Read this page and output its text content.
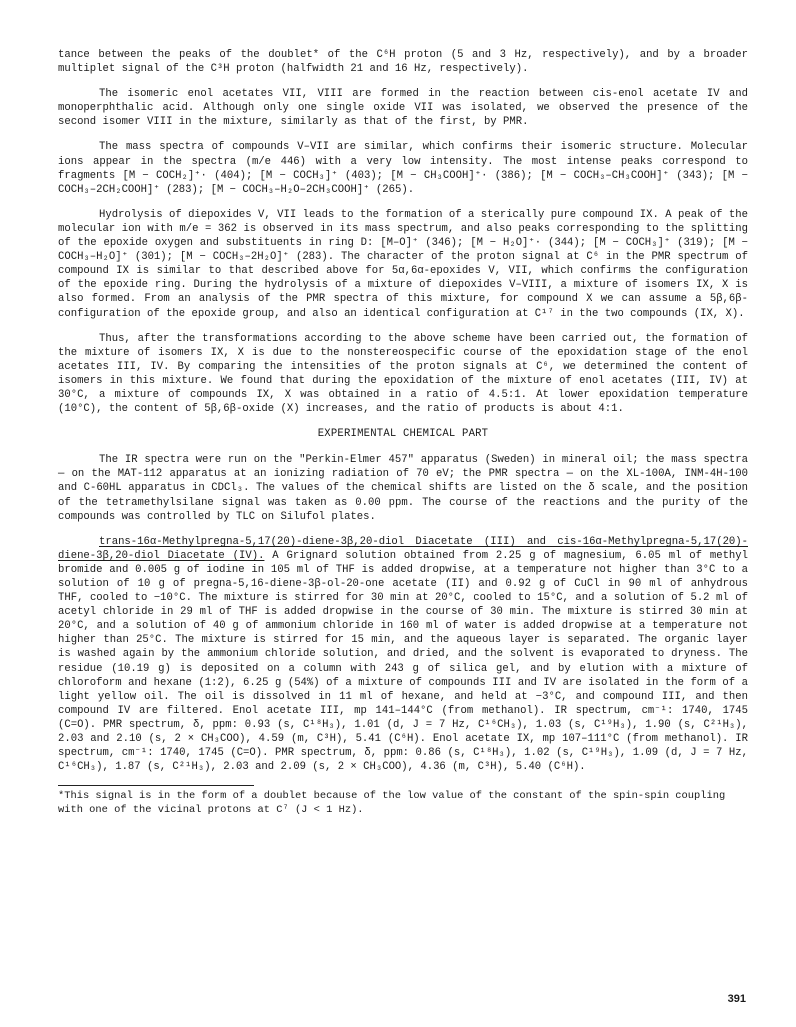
tance between the peaks of the doublet* of the C⁶H proton (5 and 3 Hz, respectively), and by a broader multiplet signal of the C³H proton (halfwidth 21 and 16 Hz, respectively).

The isomeric enol acetates VII, VIII are formed in the reaction between cis-enol acetate IV and monoperphthalic acid. Although only one single oxide VII was isolated, we observed the presence of the second isomer VIII in the mixture, similarly as that of the first, by PMR.

The mass spectra of compounds V–VII are similar, which confirms their isomeric structure. Molecular ions appear in the spectra (m/e 446) with a very low intensity. The most intense peaks correspond to fragments [M − COCH₂]⁺· (404); [M − COCH₃]⁺ (403); [M − CH₃COOH]⁺· (386); [M − COCH₃–CH₃COOH]⁺ (343); [M − COCH₃–2CH₂COOH]⁺ (283); [M − COCH₃–H₂O–2CH₃COOH]⁺ (265).

Hydrolysis of diepoxides V, VII leads to the formation of a sterically pure compound IX. A peak of the molecular ion with m/e = 362 is observed in its mass spectrum, and also peaks corresponding to the splitting of the epoxide oxygen and substituents in ring D: [M–O]⁺ (346); [M − H₂O]⁺· (344); [M − COCH₃]⁺ (319); [M − COCH₃–H₂O]⁺ (301); [M − COCH₃–2H₂O]⁺ (283). The character of the proton signal at C⁶ in the PMR spectrum of compound IX is similar to that described above for 5α,6α-epoxides V, VII, which confirms the configuration of the epoxide ring. During the hydrolysis of a mixture of diepoxides V–VIII, a mixture of isomers IX, X is also formed. From an analysis of the PMR spectra of this mixture, for compound X we can assume a 5β,6β-configuration of the epoxide group, and also an identical configuration at C¹⁷ in the two compounds (IX, X).

Thus, after the transformations according to the above scheme have been carried out, the formation of the mixture of isomers IX, X is due to the nonstereospecific course of the epoxidation stage of the enol acetates III, IV. By comparing the intensities of the proton signals at C⁶, we determined the content of isomers in this mixture. We found that during the epoxidation of the mixture of enol acetates (III, IV) at 30°C, a mixture of compounds IX, X was obtained in a ratio of 4.5:1. At lower epoxidation temperature (10°C), the content of 5β,6β-oxide (X) increases, and the ratio of products is about 4:1.

EXPERIMENTAL CHEMICAL PART

The IR spectra were run on the "Perkin-Elmer 457" apparatus (Sweden) in mineral oil; the mass spectra — on the MAT-112 apparatus at an ionizing radiation of 70 eV; the PMR spectra — on the XL-100A, INM-4H-100 and C-60HL apparatus in CDCl₃. The values of the chemical shifts are listed on the δ scale, and the position of the tetramethylsilane signal was taken as 0.00 ppm. The course of the reactions and the purity of the compounds was controlled by TLC on Silufol plates.

trans-16α-Methylpregna-5,17(20)-diene-3β,20-diol Diacetate (III) and cis-16α-Methylpregna-5,17(20)-diene-3β,20-diol Diacetate (IV). A Grignard solution obtained from 2.25 g of magnesium, 6.05 ml of methyl bromide and 0.005 g of iodine in 105 ml of THF is added dropwise, at a temperature not higher than 3°C to a solution of 10 g of pregna-5,16-diene-3β-ol-20-one acetate (II) and 0.92 g of CuCl in 90 ml of anhydrous THF, cooled to −10°C. The mixture is stirred for 30 min at 20°C, cooled to 15°C, and a solution of 5.2 ml of acetyl chloride in 29 ml of THF is added dropwise in the course of 30 min. The mixture is stirred 30 min at 20°C, and a solution of 40 g of ammonium chloride in 160 ml of water is added dropwise at a temperature not higher than 25°C. The mixture is stirred for 15 min, and the aqueous layer is separated. The organic layer is washed again by the ammonium chloride solution, and dried, and the solvent is evaporated to dryness. The residue (10.19 g) is deposited on a column with 243 g of silica gel, and by elution with a mixture of chloroform and hexane (1:2), 6.25 g (54%) of a mixture of compounds III and IV are isolated in the form of a light yellow oil. The oil is dissolved in 11 ml of hexane, and held at −3°C, and compound III, and then compound IV are filtered. Enol acetate III, mp 141–144°C (from methanol). IR spectrum, cm⁻¹: 1740, 1745 (C=O). PMR spectrum, δ, ppm: 0.93 (s, C¹⁸H₃), 1.01 (d, J = 7 Hz, C¹⁶CH₃), 1.03 (s, C¹⁹H₃), 1.90 (s, C²¹H₃), 2.03 and 2.10 (s, 2 × CH₃COO), 4.59 (m, C³H), 5.41 (C⁶H). Enol acetate IX, mp 107–111°C (from methanol). IR spectrum, cm⁻¹: 1740, 1745 (C=O). PMR spectrum, δ, ppm: 0.86 (s, C¹⁸H₃), 1.02 (s, C¹⁹H₃), 1.09 (d, J = 7 Hz, C¹⁶CH₃), 1.87 (s, C²¹H₃), 2.03 and 2.09 (s, 2 × CH₃COO), 4.36 (m, C³H), 5.40 (C⁶H).

*This signal is in the form of a doublet because of the low value of the constant of the spin-spin coupling with one of the vicinal protons at C⁷ (J < 1 Hz).

391
